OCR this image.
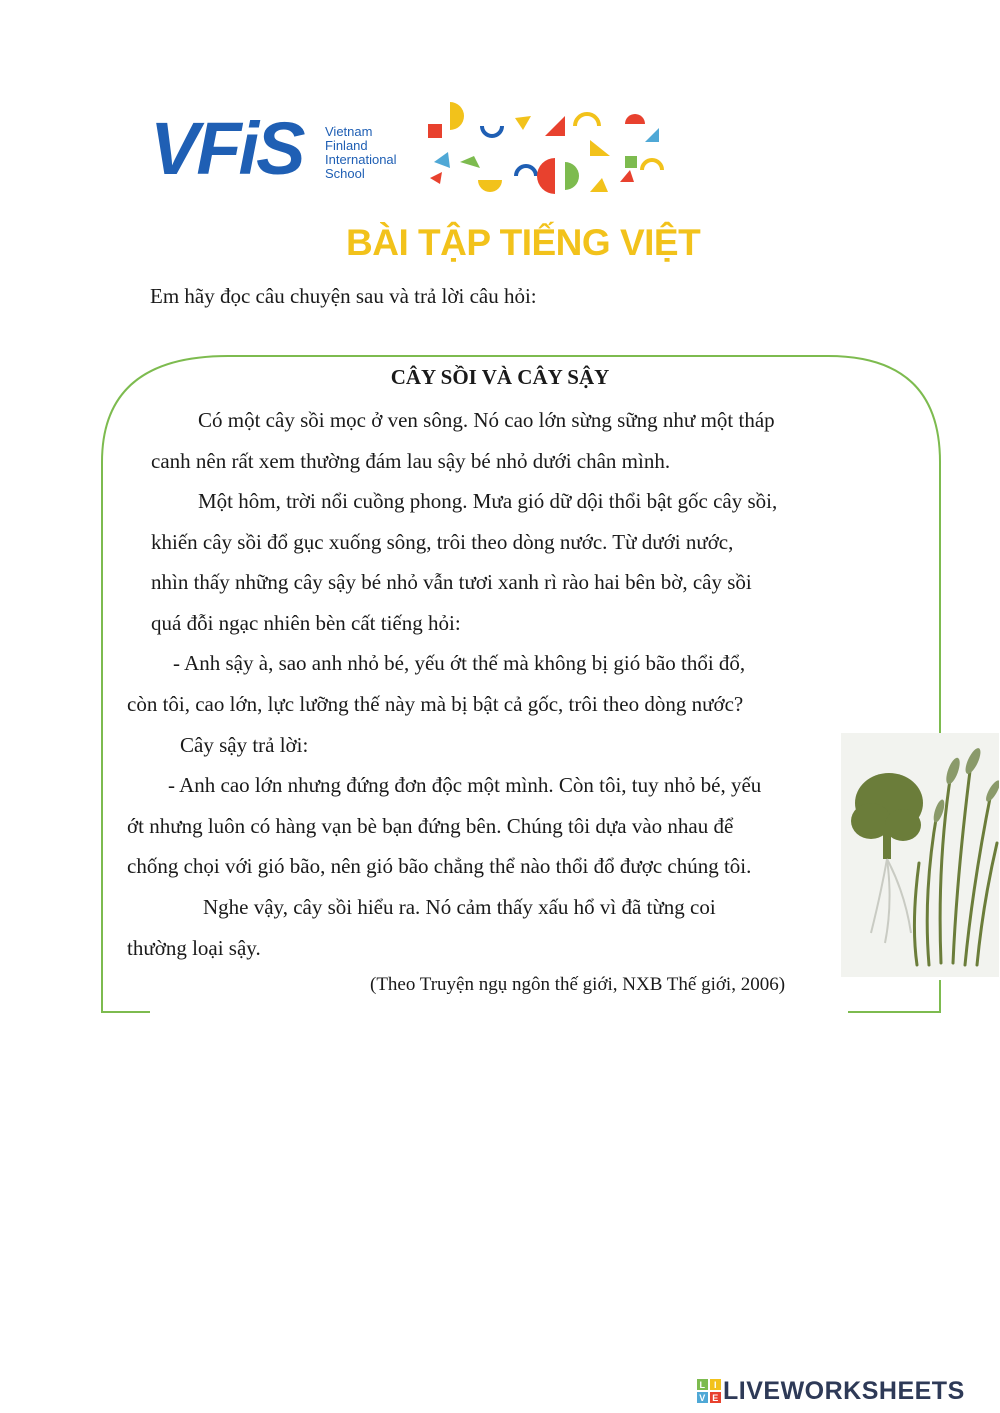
VFiS Vietnam
Finland
International
School
BÀI TẬP TIẾNG VIỆT
Em hãy đọc câu chuyện sau và trả lời câu hỏi:
CÂY SỒI VÀ CÂY SẬY
Có một cây sồi mọc ở ven sông. Nó cao lớn sừng sững như một tháp
canh nên rất xem thường đám lau sậy bé nhỏ dưới chân mình.
Một hôm, trời nổi cuồng phong. Mưa gió dữ dội thổi bật gốc cây sồi,
khiến cây sồi đổ gục xuống sông, trôi theo dòng nước. Từ dưới nước,
nhìn thấy những cây sậy bé nhỏ vẫn tươi xanh rì rào hai bên bờ, cây sồi
quá đỗi ngạc nhiên bèn cất tiếng hỏi:
- Anh sậy à, sao anh nhỏ bé, yếu ớt thế mà không bị gió bão thổi đổ,
còn tôi, cao lớn, lực lưỡng thế này mà bị bật cả gốc, trôi theo dòng nước?
Cây sậy trả lời:
- Anh cao lớn nhưng đứng đơn độc một mình. Còn tôi, tuy nhỏ bé, yếu
ớt nhưng luôn có hàng vạn bè bạn đứng bên. Chúng tôi dựa vào nhau để
chống chọi với gió bão, nên gió bão chẳng thể nào thổi đổ được chúng tôi.
Nghe vậy, cây sồi hiểu ra. Nó cảm thấy xấu hổ vì đã từng coi
thường loại sậy.
(Theo Truyện ngụ ngôn thế giới, NXB Thế giới, 2006)
L I
V E LIVEWORKSHEETS
